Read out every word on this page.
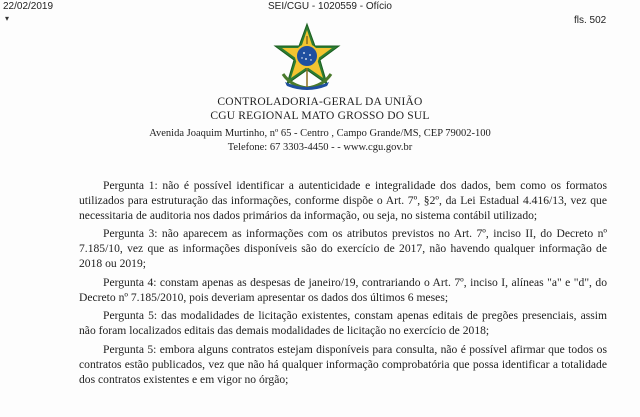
22/02/2019	SEI/CGU - 1020559 - Ofício
fls. 502
▾
CONTROLADORIA-GERAL DA UNIÃO
CGU REGIONAL MATO GROSSO DO SUL
Avenida Joaquim Murtinho, nº 65 - Centro , Campo Grande/MS, CEP 79002-100
Telefone: 67 3303-4450 - - www.cgu.gov.br

Pergunta 1: não é possível identificar a autenticidade e integralidade dos dados, bem como os formatos utilizados para estruturação das informações, conforme dispõe o Art. 7º, §2º, da Lei Estadual 4.416/13, vez que necessitaria de auditoria nos dados primários da informação, ou seja, no sistema contábil utilizado;

Pergunta 3: não aparecem as informações com os atributos previstos no Art. 7º, inciso II, do Decreto nº 7.185/10, vez que as informações disponíveis são do exercício de 2017, não havendo qualquer informação de 2018 ou 2019;

Pergunta 4: constam apenas as despesas de janeiro/19, contrariando o Art. 7º, inciso I, alíneas "a" e "d", do Decreto nº 7.185/2010, pois deveriam apresentar os dados dos últimos 6 meses;

Pergunta 5: das modalidades de licitação existentes, constam apenas editais de pregões presenciais, assim não foram localizados editais das demais modalidades de licitação no exercício de 2018;

Pergunta 5: embora alguns contratos estejam disponíveis para consulta, não é possível afirmar que todos os contratos estão publicados, vez que não há qualquer informação comprobatória que possa identificar a totalidade dos contratos existentes e em vigor no órgão;
